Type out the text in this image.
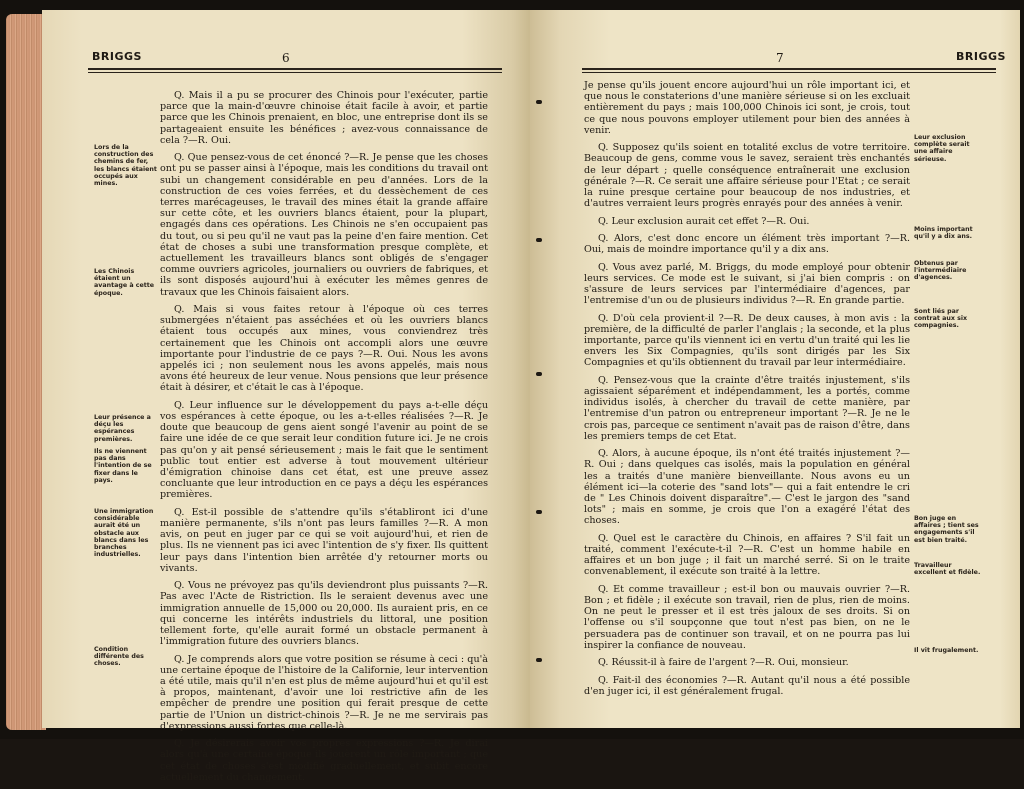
BRIGGS	6

Q. Mais il a pu se procurer des Chinois pour l'exécuter, partie parce que la main-d'œuvre chinoise était facile à avoir, et partie parce que les Chinois prenaient, en bloc, une entreprise dont ils se partageaient ensuite les bénéfices ; avez-vous connaissance de cela ?—R. Oui.

Q. Que pensez-vous de cet énoncé ?—R. Je pense que les choses ont pu se passer ainsi à l'époque, mais les conditions du travail ont subi un changement considérable en peu d'années. Lors de la construction de ces voies ferrées, et du dessèchement de ces terres marécageuses, le travail des mines était la grande affaire sur cette côte, et les ouvriers blancs étaient, pour la plupart, engagés dans ces opérations. Les Chinois ne s'en occupaient pas du tout, ou si peu qu'il ne vaut pas la peine d'en faire mention. Cet état de choses a subi une transformation presque complète, et actuellement les travailleurs blancs sont obligés de s'engager comme ouvriers agricoles, journaliers ou ouvriers de fabriques, et ils sont disposés aujourd'hui à exécuter les mêmes genres de travaux que les Chinois faisaient alors.

Q. Mais si vous faites retour à l'époque où ces terres submergées n'étaient pas asséchées et où les ouvriers blancs étaient tous occupés aux mines, vous conviendrez très certainement que les Chinois ont accompli alors une œuvre importante pour l'industrie de ce pays ?—R. Oui. Nous les avons appelés ici ; non seulement nous les avons appelés, mais nous avons été heureux de leur venue. Nous pensions que leur présence était à désirer, et c'était le cas à l'époque.

Q. Leur influence sur le développement du pays a-t-elle déçu vos espérances à cette époque, ou les a-t-elles réalisées ?—R. Je doute que beaucoup de gens aient songé l'avenir au point de se faire une idée de ce que serait leur condition future ici. Je ne crois pas qu'on y ait pensé sérieusement ; mais le fait que le sentiment public tout entier est adverse à tout mouvement ultérieur d'émigration chinoise dans cet état, est une preuve assez concluante que leur introduction en ce pays a déçu les espérances premières.

Q. Est-il possible de s'attendre qu'ils s'établiront ici d'une manière permanente, s'ils n'ont pas leurs familles ?—R. A mon avis, on peut en juger par ce qui se voit aujourd'hui, et rien de plus. Ils ne viennent pas ici avec l'intention de s'y fixer. Ils quittent leur pays dans l'intention bien arrêtée d'y retourner morts ou vivants.

Q. Vous ne prévoyez pas qu'ils deviendront plus puissants ?—R. Pas avec l'Acte de Ristriction. Ils le seraient devenus avec une immigration annuelle de 15,000 ou 20,000. Ils auraient pris, en ce qui concerne les intérêts industriels du littoral, une position tellement forte, qu'elle aurait formé un obstacle permanent à l'immigration future des ouvriers blancs.

Q. Je comprends alors que votre position se résume à ceci : qu'à une certaine époque de l'histoire de la Californie, leur intervention a été utile, mais qu'il n'en est plus de même aujourd'hui et qu'il est à propos, maintenant, d'avoir une loi restrictive afin de les empêcher de prendre une position qui ferait presque de cette partie de l'Union un district-chinois ?—R. Je ne me servirais pas d'expressions aussi fortes que celle-là.

Q. Je désirerais avoir vos propres expressions ?—R. Je dirai alors qu'à une certaine époque ils jouèrent un rôle important ; que cet état de choses s'est modifié graduellement, et subit encore actuellement du changement.

Lors de la construction des chemins de fer, les blancs étaient occupés aux mines.
Les Chinois étaient un avantage à cette époque.
Leur présence a déçu les espérances premières.
Ils ne viennent pas dans l'intention de se fixer dans le pays.
Une immigration considérable aurait été un obstacle aux blancs dans les branches industrielles.
Condition différente des choses.
7	BRIGGS

Je pense qu'ils jouent encore aujourd'hui un rôle important ici, et que nous le constaterions d'une manière sérieuse si on les excluait entièrement du pays ; mais 100,000 Chinois ici sont, je crois, tout ce que nous pouvons employer utilement pour bien des années à venir.

Q. Supposez qu'ils soient en totalité exclus de votre territoire. Beaucoup de gens, comme vous le savez, seraient très enchantés de leur départ ; quelle conséquence entraînerait une exclusion générale ?—R. Ce serait une affaire sérieuse pour l'Etat ; ce serait la ruine presque certaine pour beaucoup de nos industries, et d'autres verraient leurs progrès enrayés pour des années à venir.

Q. Leur exclusion aurait cet effet ?—R. Oui.

Q. Alors, c'est donc encore un élément très important ?—R. Oui, mais de moindre importance qu'il y a dix ans.

Q. Vous avez parlé, M. Briggs, du mode employé pour obtenir leurs services. Ce mode est le suivant, si j'ai bien compris : on s'assure de leurs services par l'intermédiaire d'agences, par l'entremise d'un ou de plusieurs individus ?—R. En grande partie.

Q. D'où cela provient-il ?—R. De deux causes, à mon avis : la première, de la difficulté de parler l'anglais ; la seconde, et la plus importante, parce qu'ils viennent ici en vertu d'un traité qui les lie envers les Six Compagnies, qu'ils sont dirigés par les Six Compagnies et qu'ils obtiennent du travail par leur intermédiaire.

Q. Pensez-vous que la crainte d'être traités injustement, s'ils agissaient séparément et indépendamment, les a portés, comme individus isolés, à chercher du travail de cette manière, par l'entremise d'un patron ou entrepreneur important ?—R. Je ne le crois pas, parceque ce sentiment n'avait pas de raison d'être, dans les premiers temps de cet Etat.

Q. Alors, à aucune époque, ils n'ont été traités injustement ?—R. Oui ; dans quelques cas isolés, mais la population en général les a traités d'une manière bienveillante. Nous avons eu un élément ici—la coterie des "sand lots"— qui a fait entendre le cri de " Les Chinois doivent disparaître".— C'est le jargon des "sand lots" ; mais en somme, je crois que l'on a exagéré l'état des choses.

Q. Quel est le caractère du Chinois, en affaires ? S'il fait un traité, comment l'exécute-t-il ?—R. C'est un homme habile en affaires et un bon juge ; il fait un marché serré. Si on le traite convenablement, il exécute son traité à la lettre.

Q. Et comme travailleur ; est-il bon ou mauvais ouvrier ?—R. Bon ; et fidèle ; il exécute son travail, rien de plus, rien de moins. On ne peut le presser et il est très jaloux de ses droits. Si on l'offense ou s'il soupçonne que tout n'est pas bien, on ne le persuadera pas de continuer son travail, et on ne pourra pas lui inspirer la confiance de nouveau.

Q. Réussit-il à faire de l'argent ?—R. Oui, monsieur.

Q. Fait-il des économies ?—R. Autant qu'il nous a été possible d'en juger ici, il est généralement frugal.

Leur exclusion complète serait une affaire sérieuse.
Moins important qu'il y a dix ans.
Obtenus par l'intermédiaire d'agences.
Sont liés par contrat aux six compagnies.
Bon juge en affaires ; tient ses engagements s'il est bien traité.
Travailleur excellent et fidèle.
Il vit frugalement.
